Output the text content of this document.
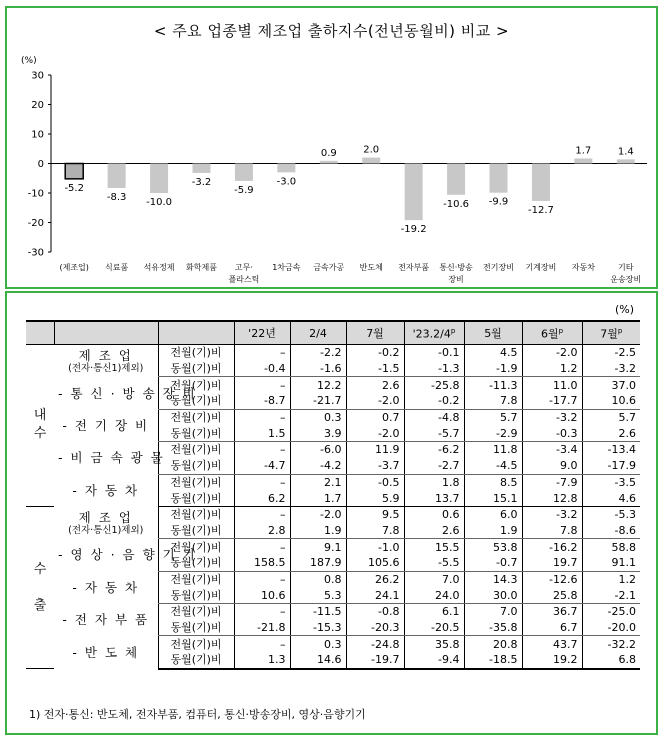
< 주요 업종별 제조업 출하지수(전년동월비) 비교 >
(%)
30
20
10
0
-10
-20
-30
-5.2
(제조업)
-8.3
식료품
-10.0
석유정제
-3.2
화학제품
-5.9
고무·
플라스틱
-3.0
1차금속
0.9
금속가공
2.0
반도체
-19.2
전자부품
-10.6
통신·방송
장비
-9.9
전기장비
-12.7
기계장비
1.7
자동차
1.4
기타
운송장비
(%)
			'22년	2/4	7월	'23.2/4$^p$	5월	6월$^p$	7월$^p$
내
수	제 조 업
(전자·통신1)제외)	전월(기)비	–	-2.2	-0.2	-0.1	4.5	-2.0	-2.5
		동월(기)비	-0.4	-1.6	-1.5	-1.3	-1.9	1.2	-3.2
	- 통 신 · 방 송 장 비	전월(기)비	–	12.2	2.6	-25.8	-11.3	11.0	37.0
		동월(기)비	-8.7	-21.7	-2.0	-0.2	7.8	-17.7	10.6
	- 전 기 장 비	전월(기)비	–	0.3	0.7	-4.8	5.7	-3.2	5.7
		동월(기)비	1.5	3.9	-2.0	-5.7	-2.9	-0.3	2.6
	- 비 금 속 광 물	전월(기)비	–	-6.0	11.9	-6.2	11.8	-3.4	-13.4
		동월(기)비	-4.7	-4.2	-3.7	-2.7	-4.5	9.0	-17.9
	- 자 동 차	전월(기)비	–	2.1	-0.5	1.8	8.5	-7.9	-3.5
		동월(기)비	6.2	1.7	5.9	13.7	15.1	12.8	4.6
수

출	제 조 업
(전자·통신1)제외)	전월(기)비	–	-2.0	9.5	0.6	6.0	-3.2	-5.3
		동월(기)비	2.8	1.9	7.8	2.6	1.9	7.8	-8.6
	- 영 상 · 음 향 기 기	전월(기)비	–	9.1	-1.0	15.5	53.8	-16.2	58.8
		동월(기)비	158.5	187.9	105.6	-5.5	-0.7	19.7	91.1
	- 자 동 차	전월(기)비	–	0.8	26.2	7.0	14.3	-12.6	1.2
		동월(기)비	10.6	5.3	24.1	24.0	30.0	25.8	-2.1
	- 전 자 부 품	전월(기)비	–	-11.5	-0.8	6.1	7.0	36.7	-25.0
		동월(기)비	-21.8	-15.3	-20.3	-20.5	-35.8	6.7	-20.0
	- 반 도 체	전월(기)비	–	0.3	-24.8	35.8	20.8	43.7	-32.2
		동월(기)비	1.3	14.6	-19.7	-9.4	-18.5	19.2	6.8
1) 전자·통신: 반도체, 전자부품, 컴퓨터, 통신·방송장비, 영상·음향기기
